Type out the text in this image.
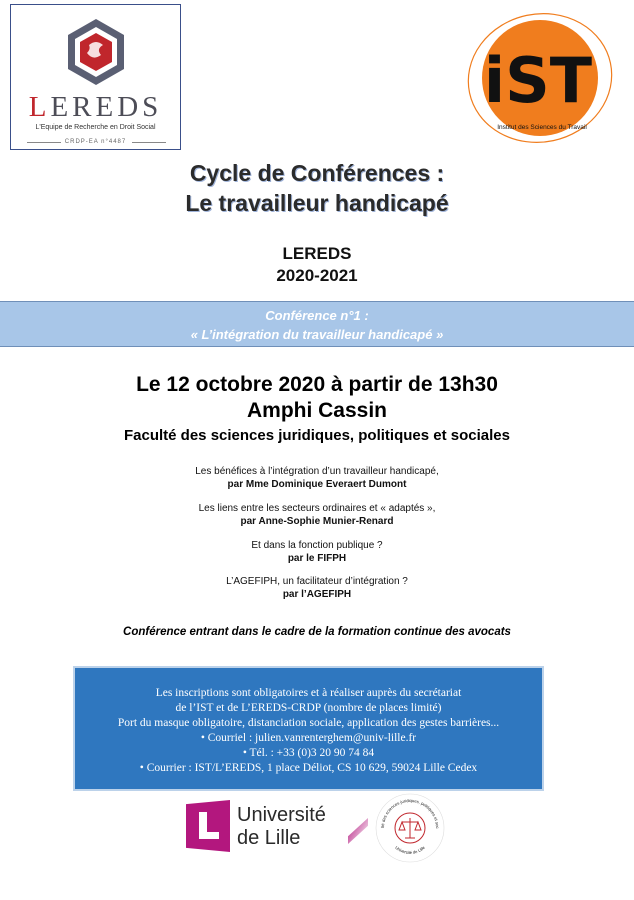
LEREDS
L'Equipe de Recherche en Droit Social
CRDP-EA n°4487
iST
Institut des Sciences du Travail
Cycle de Conférences :
Le travailleur handicapé
LEREDS
2020-2021
Conférence n°1 :
« L’intégration du travailleur handicapé »
Le 12 octobre 2020 à partir de 13h30
Amphi Cassin
Faculté des sciences juridiques, politiques et sociales
Les bénéfices à l’intégration d’un travailleur handicapé,
par Mme Dominique Everaert Dumont
Les liens entre les secteurs ordinaires et « adaptés »,
par Anne-Sophie Munier-Renard
Et dans la fonction publique ?
par le FIFPH
L’AGEFIPH, un facilitateur d’intégration ?
par l’AGEFIPH
Conférence entrant dans le cadre de la formation continue des avocats
Les inscriptions sont obligatoires et à réaliser auprès du secrétariat
de l’IST et de L’EREDS-CRDP (nombre de places limité)
Port du masque obligatoire, distanciation sociale, application des gestes barrières...
• Courriel : julien.vanrenterghem@univ-lille.fr
• Tél. : +33 (0)3 20 90 74 84
• Courrier : IST/L’EREDS, 1 place Déliot, CS 10 629, 59024 Lille Cedex
Université
de Lille	lté des sciences juridiques, politiques et soc
Université de Lille
